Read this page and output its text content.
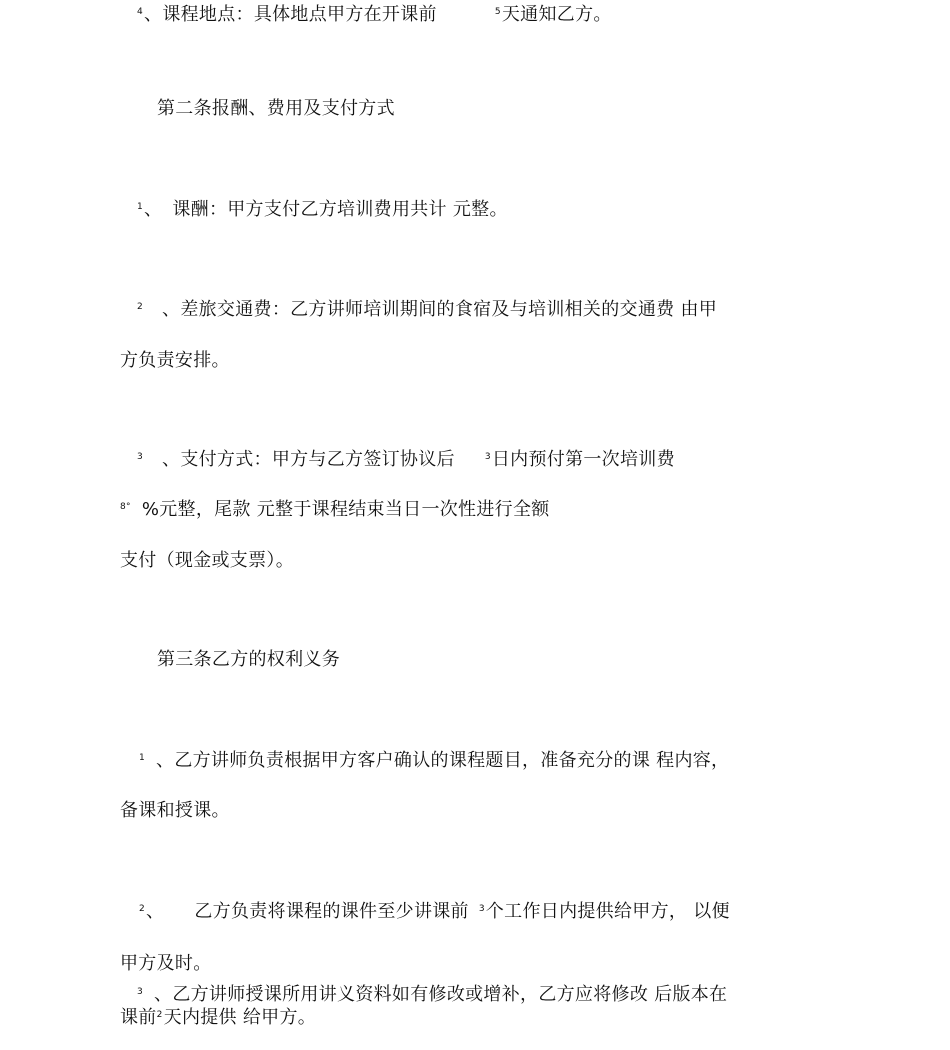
$^4$、课程地点：具体地点甲方在开课前	$^5$天通知乙方。
第二条报酬、费用及支付方式
$^1$、 课酬：甲方支付乙方培训费用共计 元整。
$^2$ 、差旅交通费：乙方讲师培训期间的食宿及与培训相关的交通费 由甲
方负责安排。
$^3$ 、支付方式：甲方与乙方签订协议后	$^3$日内预付第一次培训费
$^{8^\circ}$ %元整，尾款 元整于课程结束当日一次性进行全额
支付（现金或支票）。
第三条乙方的权利义务
$^1$ 、乙方讲师负责根据甲方客户确认的课程题目，准备充分的课 程内容，
备课和授课。
$^2$、 乙方负责将课程的课件至少讲课前 $^3$个工作日内提供给甲方， 以便
甲方及时。
$^3$ 、乙方讲师授课所用讲义资料如有修改或增补，乙方应将修改 后版本在
课前$^2$天内提供 给甲方。
